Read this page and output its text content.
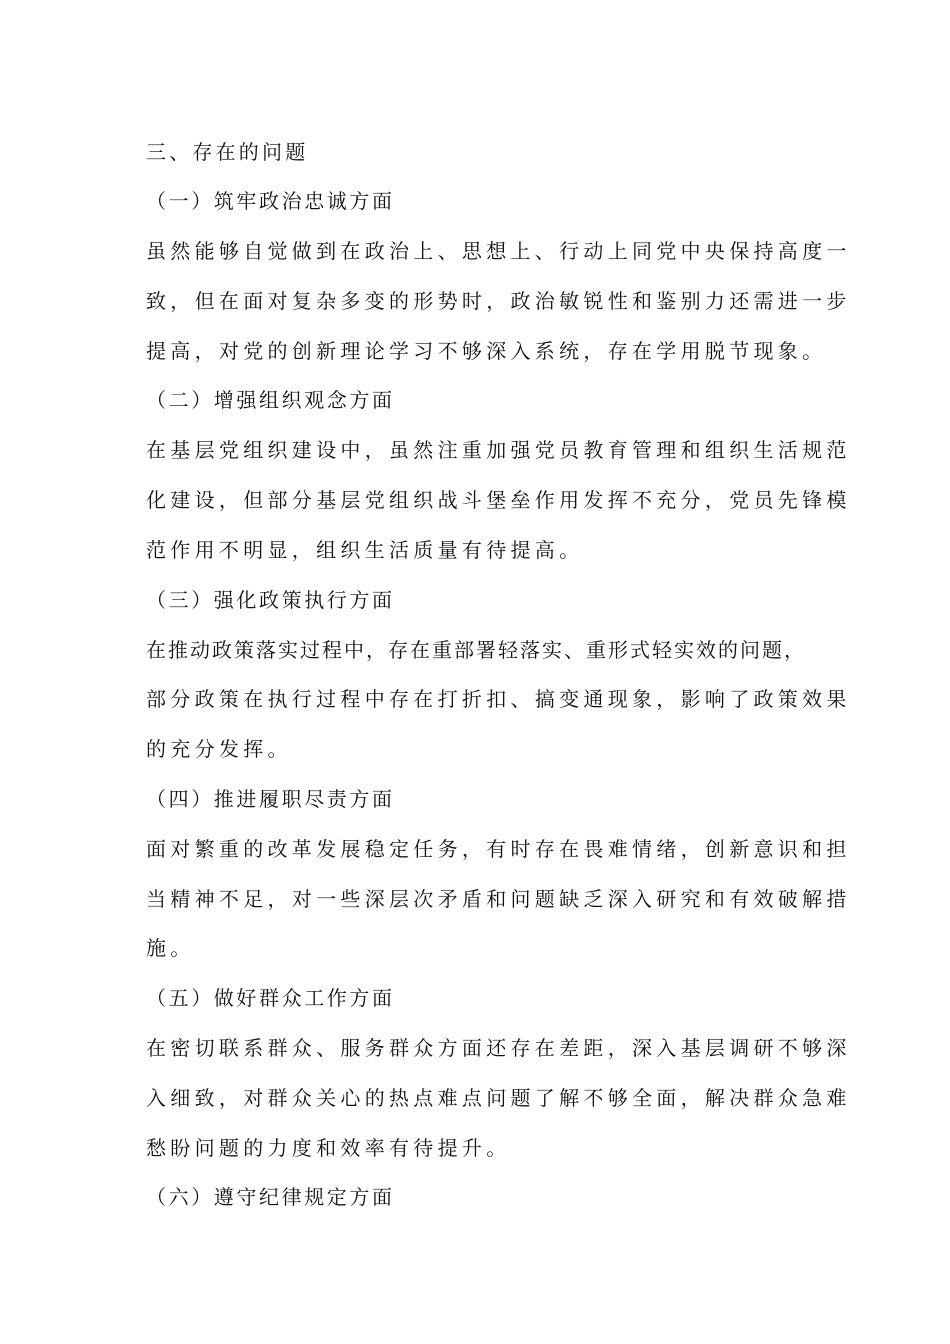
三、存在的问题
（一）筑牢政治忠诚方面
虽然能够自觉做到在政治上、思想上、行动上同党中央保持高度一
致，但在面对复杂多变的形势时，政治敏锐性和鉴别力还需进一步
提高，对党的创新理论学习不够深入系统，存在学用脱节现象。
（二）增强组织观念方面
在基层党组织建设中，虽然注重加强党员教育管理和组织生活规范
化建设，但部分基层党组织战斗堡垒作用发挥不充分，党员先锋模
范作用不明显，组织生活质量有待提高。
（三）强化政策执行方面
在推动政策落实过程中，存在重部署轻落实、重形式轻实效的问题，
部分政策在执行过程中存在打折扣、搞变通现象，影响了政策效果
的充分发挥。
（四）推进履职尽责方面
面对繁重的改革发展稳定任务，有时存在畏难情绪，创新意识和担
当精神不足，对一些深层次矛盾和问题缺乏深入研究和有效破解措
施。
（五）做好群众工作方面
在密切联系群众、服务群众方面还存在差距，深入基层调研不够深
入细致，对群众关心的热点难点问题了解不够全面，解决群众急难
愁盼问题的力度和效率有待提升。
（六）遵守纪律规定方面
